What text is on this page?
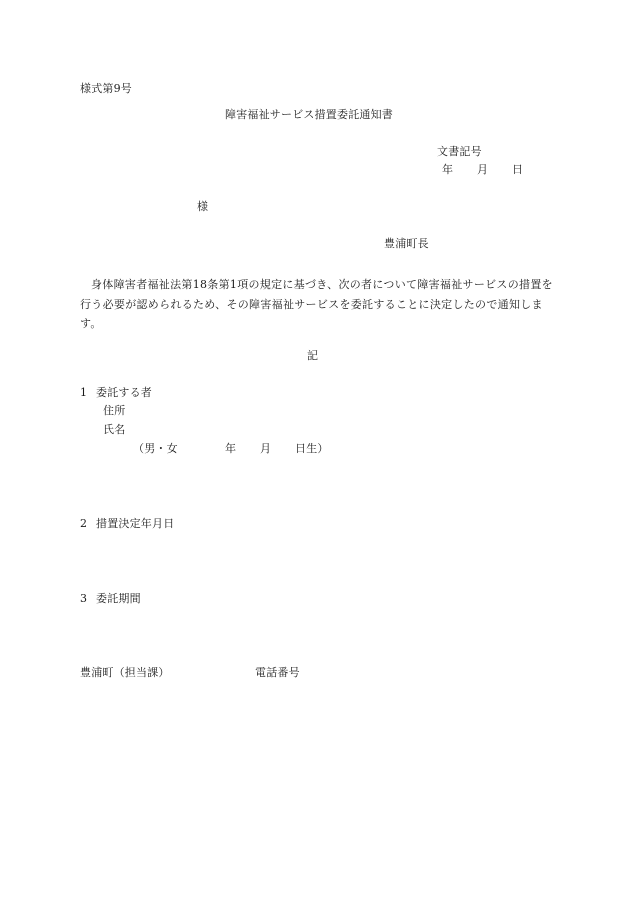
様式第9号
障害福祉サービス措置委託通知書
文書記号
年 月 日
様
豊浦町長
身体障害者福祉法第18条第1項の規定に基づき、次の者について障害福祉サービスの措置を行う必要が認められるため、その障害福祉サービスを委託することに決定したので通知します。
記
1 委託する者
住所
氏名
（男・女	年 月 日生）
2 措置決定年月日
3 委託期間
豊浦町（担当課）	電話番号
